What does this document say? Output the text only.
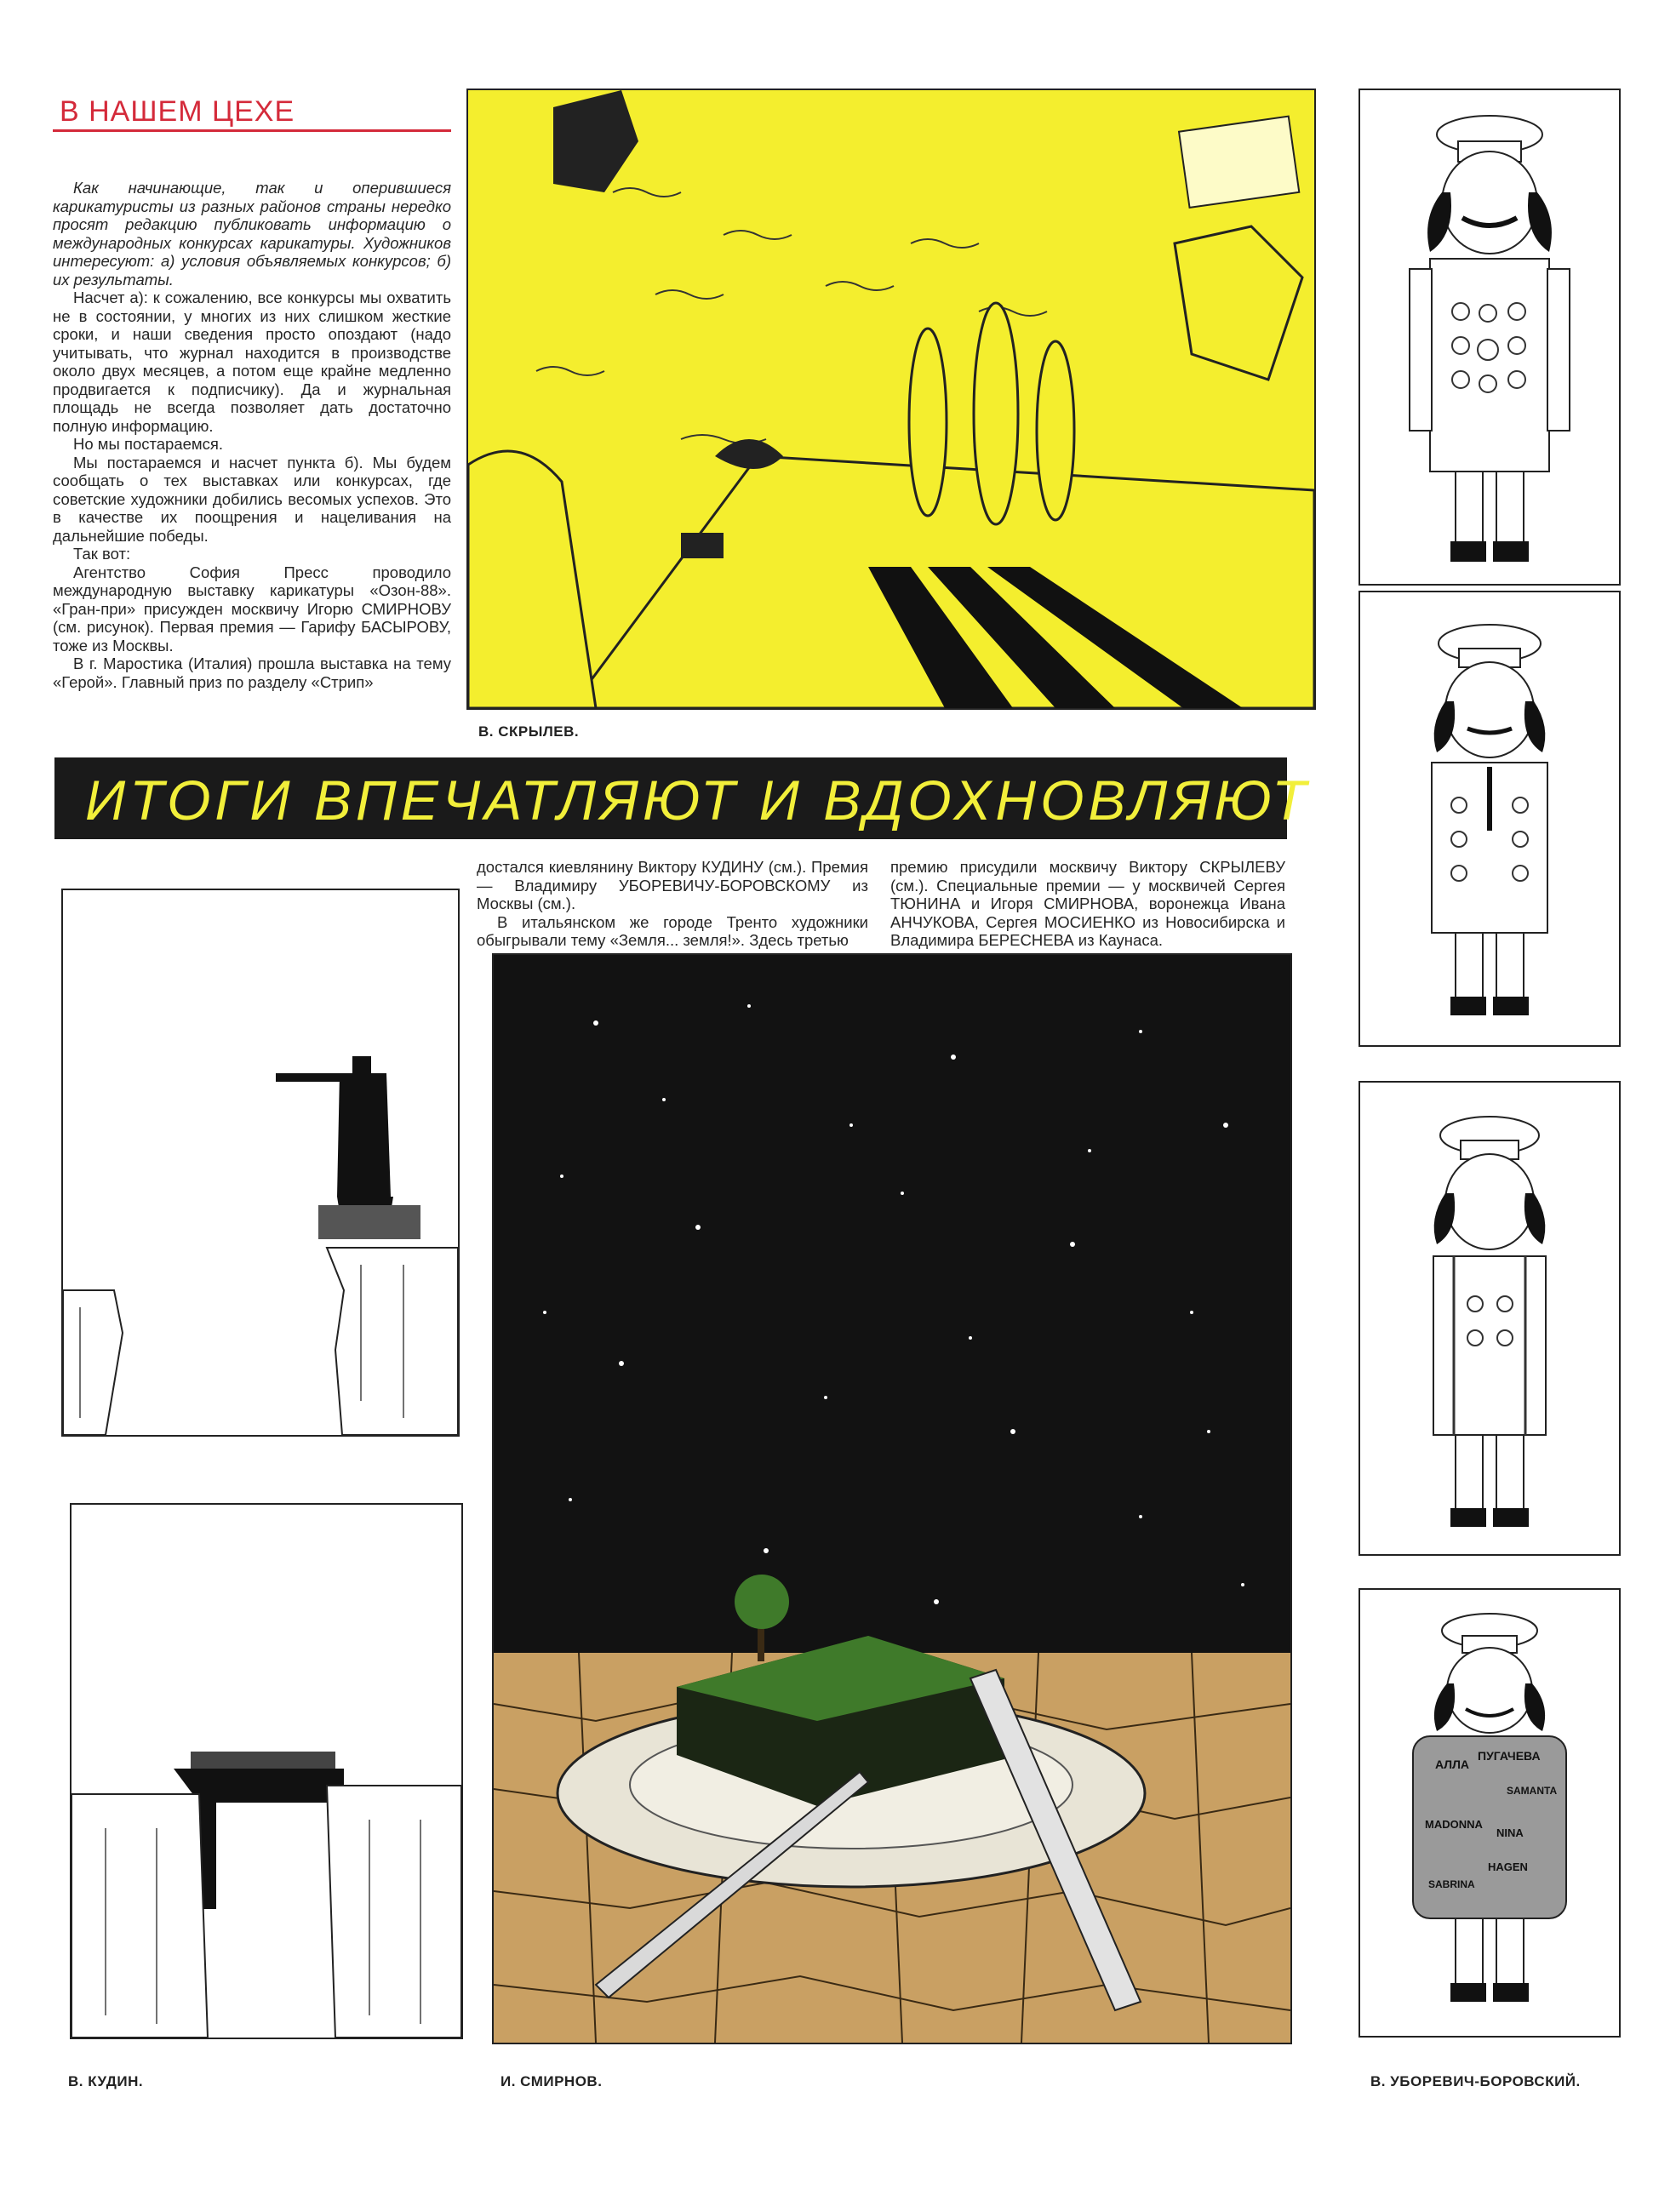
В НАШЕМ ЦЕХЕ

Как начинающие, так и оперившиеся карикатуристы из разных районов страны нередко просят редакцию публиковать информацию о международных конкурсах карикатуры. Художников интересуют: а) условия объявляемых конкурсов; б) их результаты.

Насчет а): к сожалению, все конкурсы мы охватить не в состоянии, у многих из них слишком жесткие сроки, и наши сведения просто опоздают (надо учитывать, что журнал находится в производстве около двух месяцев, а потом еще крайне медленно продвигается к подписчику). Да и журнальная площадь не всегда позволяет дать достаточно полную информацию.

Но мы постараемся.

Мы постараемся и насчет пункта б). Мы будем сообщать о тех выставках или конкурсах, где советские художники добились весомых успехов. Это в качестве их поощрения и нацеливания на дальнейшие победы.

Так вот:

Агентство София Пресс проводило международную выставку карикатуры «Озон-88». «Гран-при» присужден москвичу Игорю СМИРНОВУ (см. рисунок). Первая премия — Гарифу БАСЫРОВУ, тоже из Москвы.

В г. Маростика (Италия) прошла выставка на тему «Герой». Главный приз по разделу «Стрип»

В. СКРЫЛЕВ.
ИТОГИ ВПЕЧАТЛЯЮТ И ВДОХНОВЛЯЮТ

достался киевлянину Виктору КУДИНУ (см.). Премия — Владимиру УБОРЕВИЧУ-БОРОВСКОМУ из Москвы (см.).

В итальянском же городе Тренто художники обыгрывали тему «Земля... земля!». Здесь третью

премию присудили москвичу Виктору СКРЫЛЕВУ (см.). Специальные премии — у москвичей Сергея ТЮНИНА и Игоря СМИРНОВА, воронежца Ивана АНЧУКОВА, Сергея МОСИЕНКО из Новосибирска и Владимира БЕРЕСНЕВА из Каунаса.

АЛЛА
ПУГАЧЕВА
SAMANTA
MADONNA
NINA
HAGEN
SABRINA
В. КУДИН.	И. СМИРНОВ.	В. УБОРЕВИЧ-БОРОВСКИЙ.
